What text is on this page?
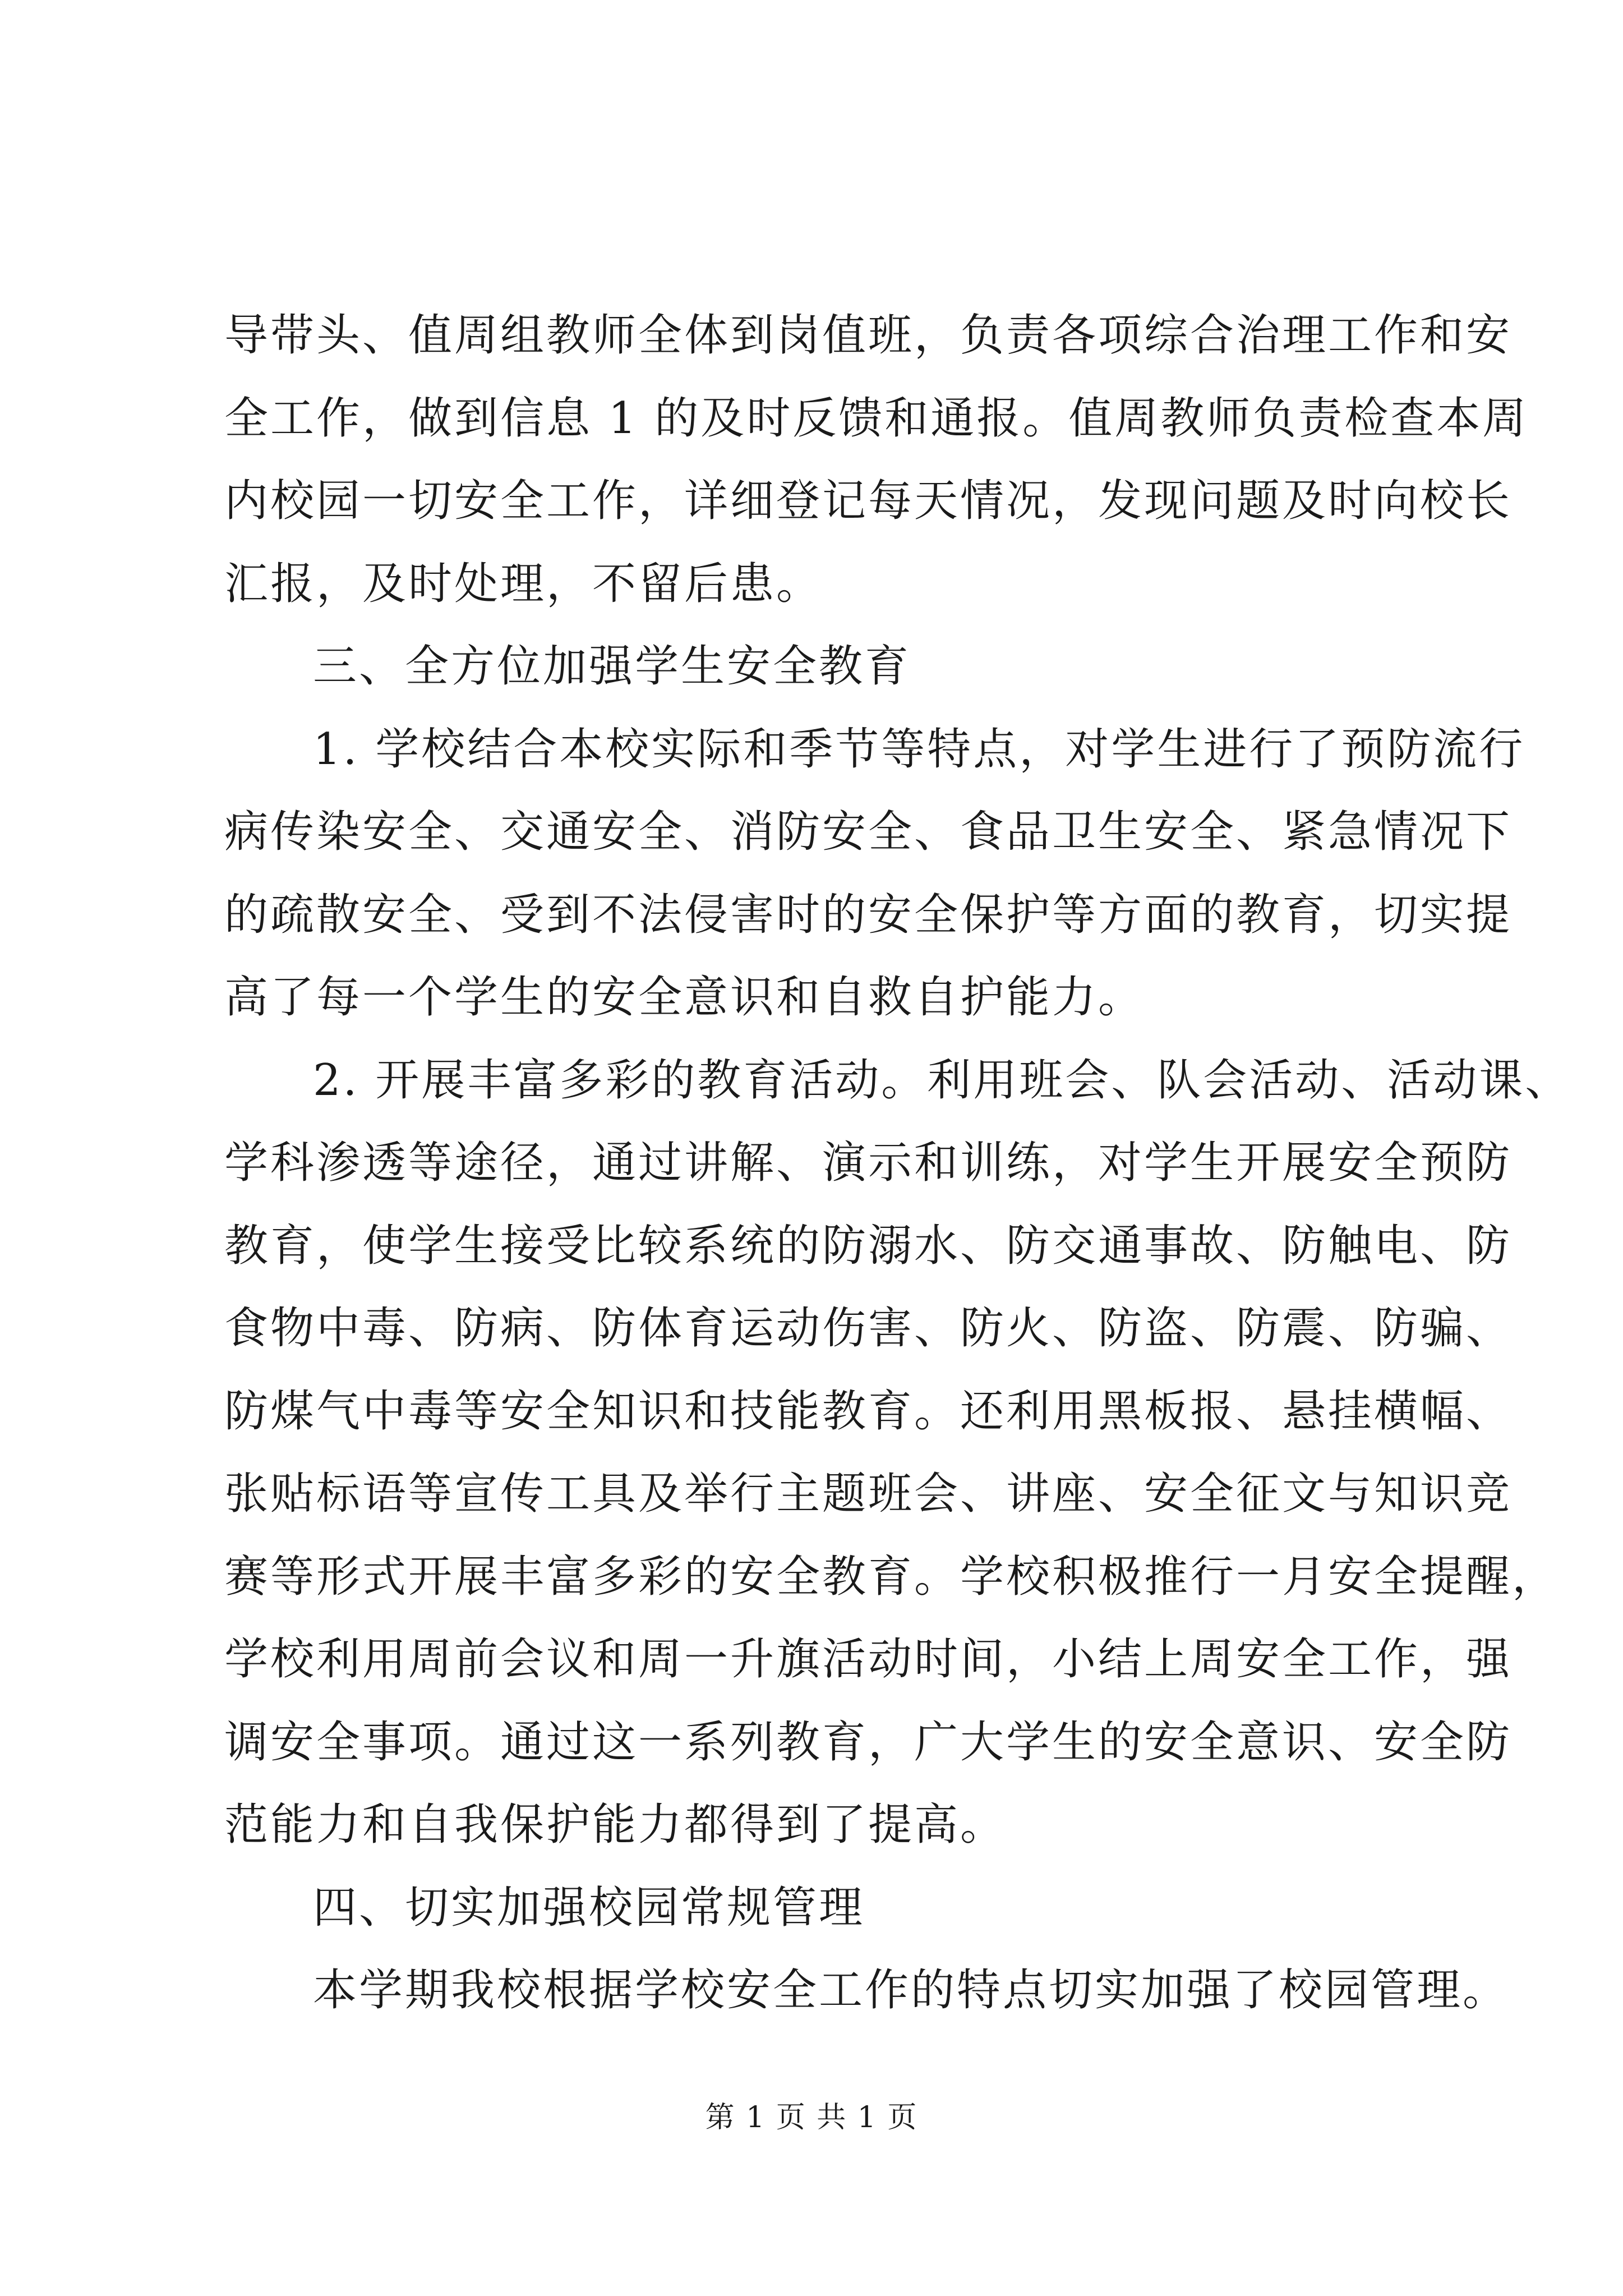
导带头、值周组教师全体到岗值班，负责各项综合治理工作和安
全工作，做到信息 1 的及时反馈和通报。值周教师负责检查本周
内校园一切安全工作，详细登记每天情况，发现问题及时向校长
汇报，及时处理，不留后患。
三、全方位加强学生安全教育
1. 学校结合本校实际和季节等特点，对学生进行了预防流行
病传染安全、交通安全、消防安全、食品卫生安全、紧急情况下
的疏散安全、受到不法侵害时的安全保护等方面的教育，切实提
高了每一个学生的安全意识和自救自护能力。
2. 开展丰富多彩的教育活动。利用班会、队会活动、活动课、
学科渗透等途径，通过讲解、演示和训练，对学生开展安全预防
教育，使学生接受比较系统的防溺水、防交通事故、防触电、防
食物中毒、防病、防体育运动伤害、防火、防盗、防震、防骗、
防煤气中毒等安全知识和技能教育。还利用黑板报、悬挂横幅、
张贴标语等宣传工具及举行主题班会、讲座、安全征文与知识竞
赛等形式开展丰富多彩的安全教育。学校积极推行一月安全提醒，
学校利用周前会议和周一升旗活动时间，小结上周安全工作，强
调安全事项。通过这一系列教育，广大学生的安全意识、安全防
范能力和自我保护能力都得到了提高。
四、切实加强校园常规管理
本学期我校根据学校安全工作的特点切实加强了校园管理。
第 1 页 共 1 页
